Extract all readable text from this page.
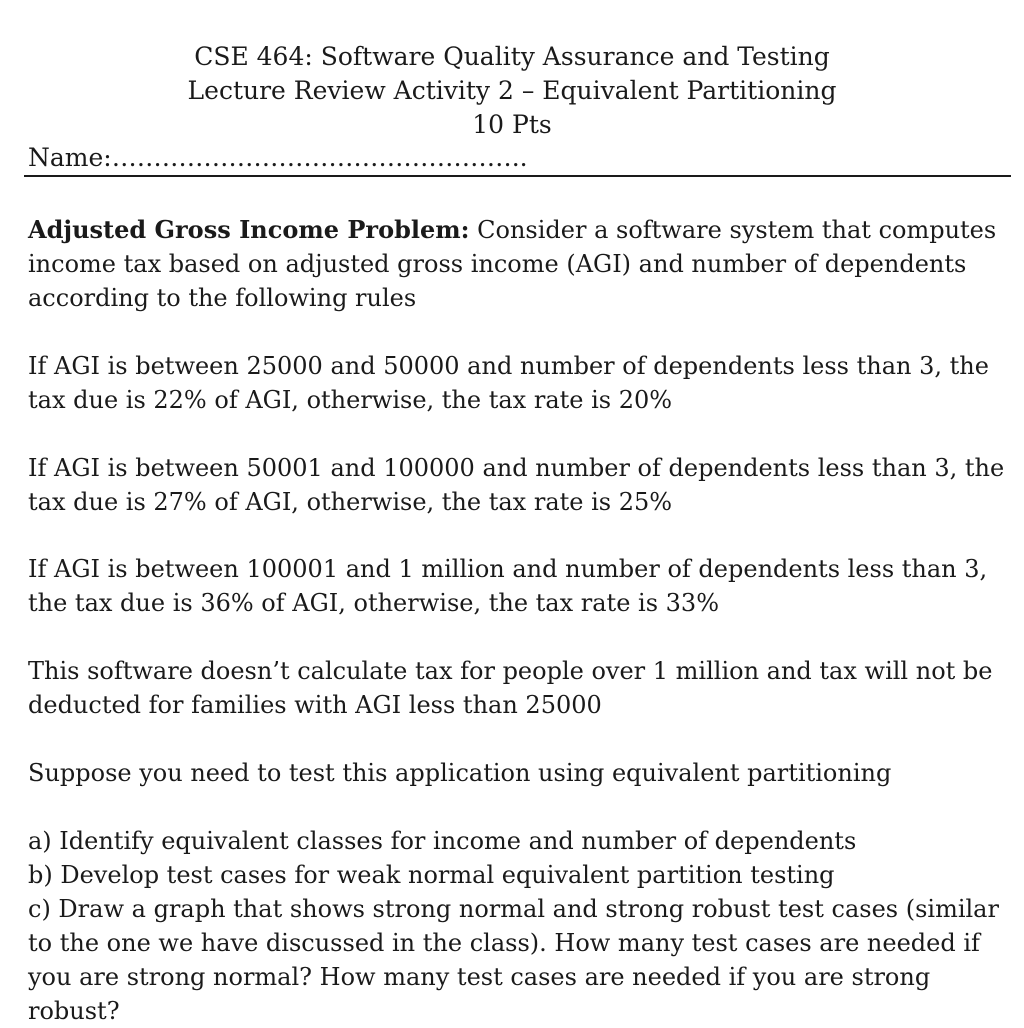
CSE 464: Software Quality Assurance and Testing
Lecture Review Activity 2 – Equivalent Partitioning
10 Pts
Name:…………………………………………..
Adjusted Gross Income Problem: Consider a software system that computes income tax based on adjusted gross income (AGI) and number of dependents according to the following rules
If AGI is between 25000 and 50000 and number of dependents less than 3, the tax due is 22% of AGI, otherwise, the tax rate is 20%
If AGI is between 50001 and 100000 and number of dependents less than 3, the tax due is 27% of AGI, otherwise, the tax rate is 25%
If AGI is between 100001 and 1 million and number of dependents less than 3, the tax due is 36% of AGI, otherwise, the tax rate is 33%
This software doesn’t calculate tax for people over 1 million and tax will not be deducted for families with AGI less than 25000
Suppose you need to test this application using equivalent partitioning
a) Identify equivalent classes for income and number of dependents
b) Develop test cases for weak normal equivalent partition testing
c) Draw a graph that shows strong normal and strong robust test cases (similar to the one we have discussed in the class). How many test cases are needed if you are strong normal? How many test cases are needed if you are strong robust?
